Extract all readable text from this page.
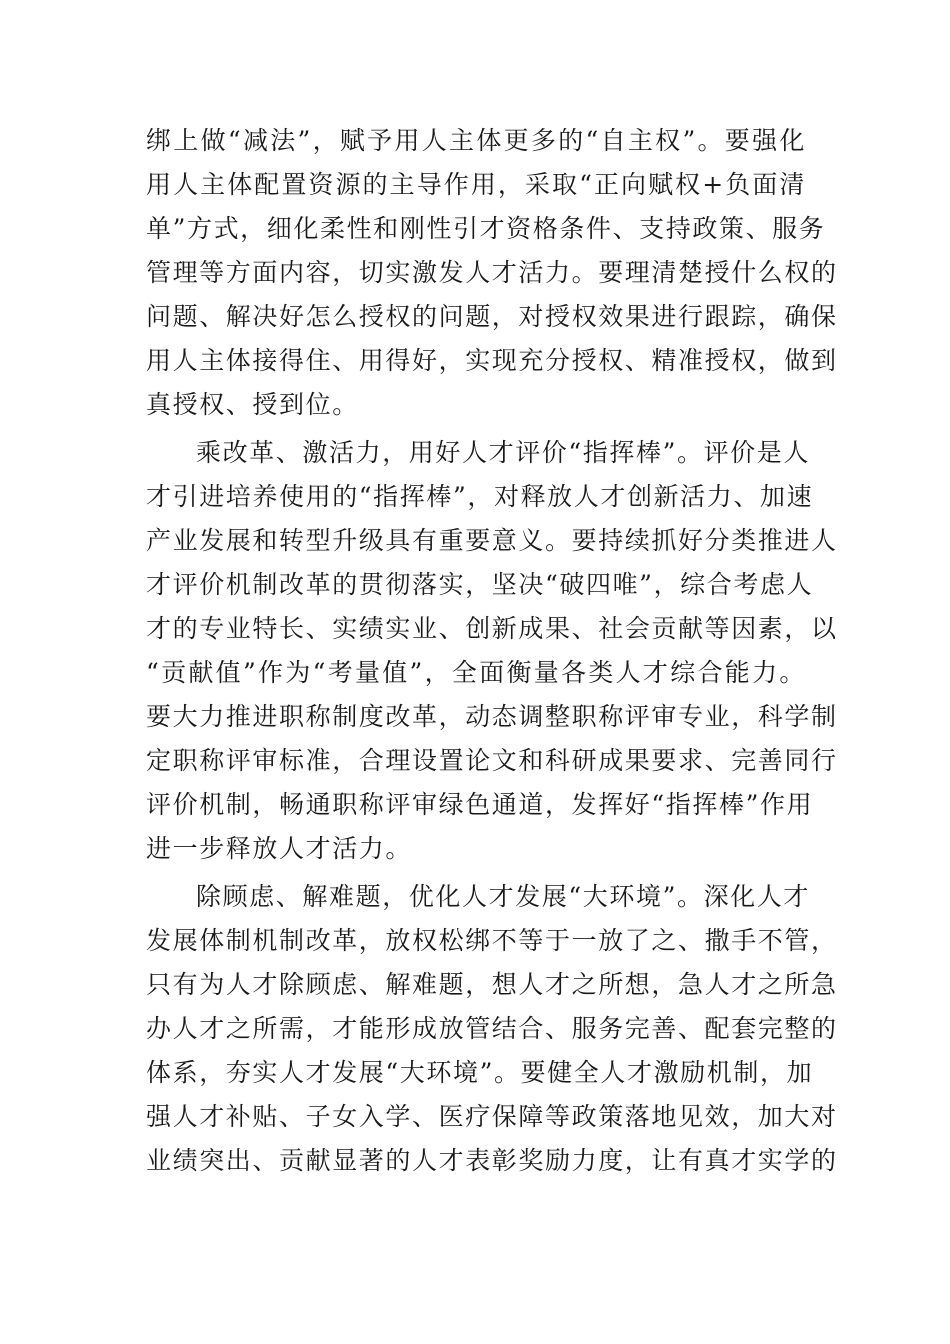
绑上做“减法”，赋予用人主体更多的“自主权”。要强化
用人主体配置资源的主导作用，采取“正向赋权+负面清
单”方式，细化柔性和刚性引才资格条件、支持政策、服务
管理等方面内容，切实激发人才活力。要理清楚授什么权的
问题、解决好怎么授权的问题，对授权效果进行跟踪，确保
用人主体接得住、用得好，实现充分授权、精准授权，做到
真授权、授到位。
乘改革、激活力，用好人才评价“指挥棒”。评价是人
才引进培养使用的“指挥棒”，对释放人才创新活力、加速
产业发展和转型升级具有重要意义。要持续抓好分类推进人
才评价机制改革的贯彻落实，坚决“破四唯”，综合考虑人
才的专业特长、实绩实业、创新成果、社会贡献等因素，以
“贡献值”作为“考量值”，全面衡量各类人才综合能力。
要大力推进职称制度改革，动态调整职称评审专业，科学制
定职称评审标准，合理设置论文和科研成果要求、完善同行
评价机制，畅通职称评审绿色通道，发挥好“指挥棒”作用
进一步释放人才活力。
除顾虑、解难题，优化人才发展“大环境”。深化人才
发展体制机制改革，放权松绑不等于一放了之、撒手不管，
只有为人才除顾虑、解难题，想人才之所想，急人才之所急
办人才之所需，才能形成放管结合、服务完善、配套完整的
体系，夯实人才发展“大环境”。要健全人才激励机制，加
强人才补贴、子女入学、医疗保障等政策落地见效，加大对
业绩突出、贡献显著的人才表彰奖励力度，让有真才实学的
